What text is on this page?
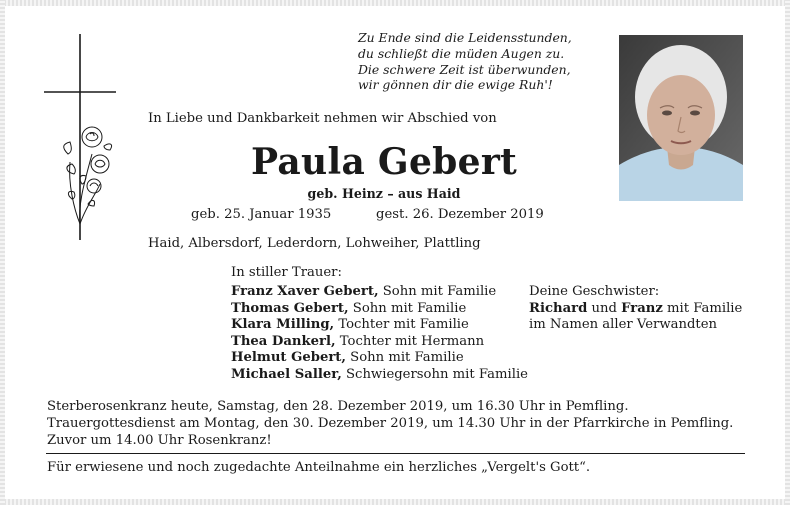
Zu Ende sind die Leidensstunden,
du schließt die müden Augen zu.
Die schwere Zeit ist überwunden,
wir gönnen dir die ewige Ruh'!
In Liebe und Dankbarkeit nehmen wir Abschied von
Paula Gebert
geb. Heinz – aus Haid
geb. 25. Januar 1935	gest. 26. Dezember 2019
Haid, Albersdorf, Lederdorn, Lohweiher, Plattling
In stiller Trauer:
Franz Xaver Gebert, Sohn mit Familie
Thomas Gebert, Sohn mit Familie
Klara Milling, Tochter mit Familie
Thea Dankerl, Tochter mit Hermann
Helmut Gebert, Sohn mit Familie
Michael Saller, Schwiegersohn mit Familie
Deine Geschwister:
Richard und Franz mit Familie
im Namen aller Verwandten
Sterberosenkranz heute, Samstag, den 28. Dezember 2019, um 16.30 Uhr in Pemfling.
Trauergottesdienst am Montag, den 30. Dezember 2019, um 14.30 Uhr in der Pfarrkirche in Pemfling.
Zuvor um 14.00 Uhr Rosenkranz!
Für erwiesene und noch zugedachte Anteilnahme ein herzliches „Vergelt's Gott“.
